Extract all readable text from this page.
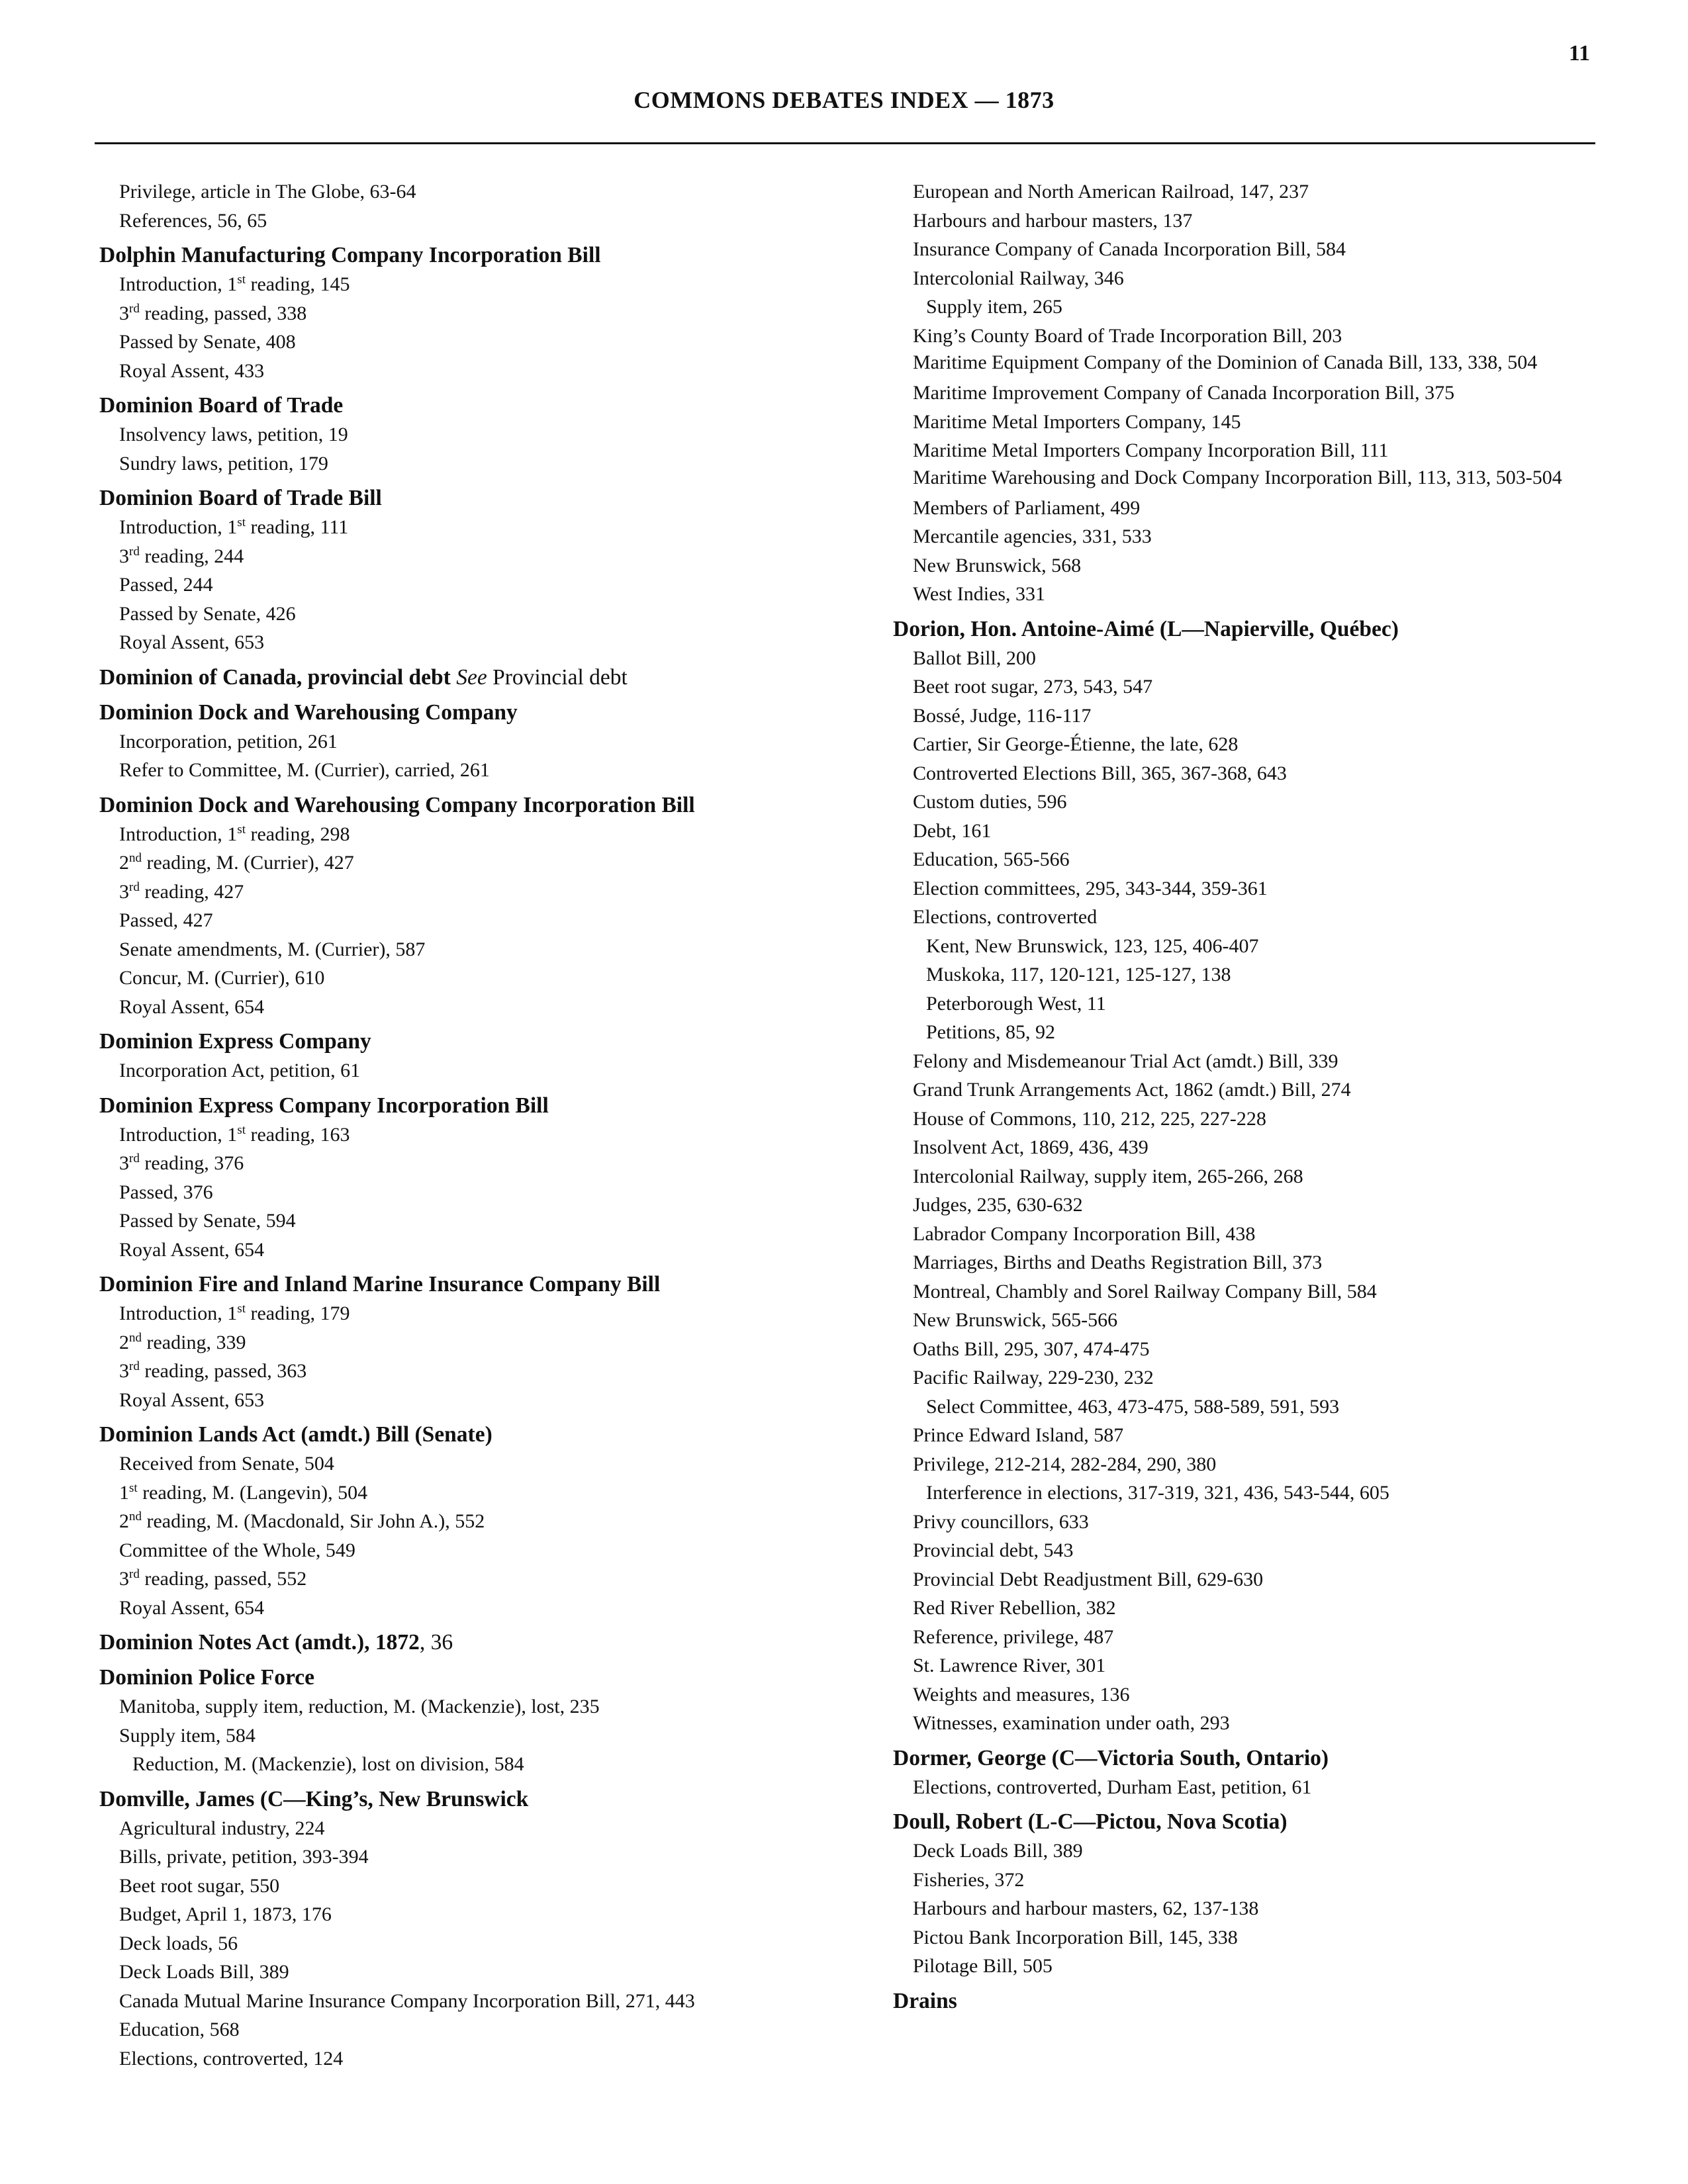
11
COMMONS DEBATES INDEX — 1873
Privilege, article in The Globe, 63-64
References, 56, 65
Dolphin Manufacturing Company Incorporation Bill
Introduction, 1st reading, 145
3rd reading, passed, 338
Passed by Senate, 408
Royal Assent, 433
Dominion Board of Trade
Insolvency laws, petition, 19
Sundry laws, petition, 179
Dominion Board of Trade Bill
Introduction, 1st reading, 111
3rd reading, 244
Passed, 244
Passed by Senate, 426
Royal Assent, 653
Dominion of Canada, provincial debt See Provincial debt
Dominion Dock and Warehousing Company
Incorporation, petition, 261
Refer to Committee, M. (Currier), carried, 261
Dominion Dock and Warehousing Company Incorporation Bill
Introduction, 1st reading, 298
2nd reading, M. (Currier), 427
3rd reading, 427
Passed, 427
Senate amendments, M. (Currier), 587
Concur, M. (Currier), 610
Royal Assent, 654
Dominion Express Company
Incorporation Act, petition, 61
Dominion Express Company Incorporation Bill
Introduction, 1st reading, 163
3rd reading, 376
Passed, 376
Passed by Senate, 594
Royal Assent, 654
Dominion Fire and Inland Marine Insurance Company Bill
Introduction, 1st reading, 179
2nd reading, 339
3rd reading, passed, 363
Royal Assent, 653
Dominion Lands Act (amdt.) Bill (Senate)
Received from Senate, 504
1st reading, M. (Langevin), 504
2nd reading, M. (Macdonald, Sir John A.), 552
Committee of the Whole, 549
3rd reading, passed, 552
Royal Assent, 654
Dominion Notes Act (amdt.), 1872, 36
Dominion Police Force
Manitoba, supply item, reduction, M. (Mackenzie), lost, 235
Supply item, 584
Reduction, M. (Mackenzie), lost on division, 584
Domville, James (C—King’s, New Brunswick
Agricultural industry, 224
Bills, private, petition, 393-394
Beet root sugar, 550
Budget, April 1, 1873, 176
Deck loads, 56
Deck Loads Bill, 389
Canada Mutual Marine Insurance Company Incorporation Bill, 271, 443
Education, 568
Elections, controverted, 124
European and North American Railroad, 147, 237
Harbours and harbour masters, 137
Insurance Company of Canada Incorporation Bill, 584
Intercolonial Railway, 346
Supply item, 265
King’s County Board of Trade Incorporation Bill, 203
Maritime Equipment Company of the Dominion of Canada Bill, 133, 338, 504
Maritime Improvement Company of Canada Incorporation Bill, 375
Maritime Metal Importers Company, 145
Maritime Metal Importers Company Incorporation Bill, 111
Maritime Warehousing and Dock Company Incorporation Bill, 113, 313, 503-504
Members of Parliament, 499
Mercantile agencies, 331, 533
New Brunswick, 568
West Indies, 331
Dorion, Hon. Antoine-Aimé (L—Napierville, Québec)
Ballot Bill, 200
Beet root sugar, 273, 543, 547
Bossé, Judge, 116-117
Cartier, Sir George-Étienne, the late, 628
Controverted Elections Bill, 365, 367-368, 643
Custom duties, 596
Debt, 161
Education, 565-566
Election committees, 295, 343-344, 359-361
Elections, controverted
Kent, New Brunswick, 123, 125, 406-407
Muskoka, 117, 120-121, 125-127, 138
Peterborough West, 11
Petitions, 85, 92
Felony and Misdemeanour Trial Act (amdt.) Bill, 339
Grand Trunk Arrangements Act, 1862 (amdt.) Bill, 274
House of Commons, 110, 212, 225, 227-228
Insolvent Act, 1869, 436, 439
Intercolonial Railway, supply item, 265-266, 268
Judges, 235, 630-632
Labrador Company Incorporation Bill, 438
Marriages, Births and Deaths Registration Bill, 373
Montreal, Chambly and Sorel Railway Company Bill, 584
New Brunswick, 565-566
Oaths Bill, 295, 307, 474-475
Pacific Railway, 229-230, 232
Select Committee, 463, 473-475, 588-589, 591, 593
Prince Edward Island, 587
Privilege, 212-214, 282-284, 290, 380
Interference in elections, 317-319, 321, 436, 543-544, 605
Privy councillors, 633
Provincial debt, 543
Provincial Debt Readjustment Bill, 629-630
Red River Rebellion, 382
Reference, privilege, 487
St. Lawrence River, 301
Weights and measures, 136
Witnesses, examination under oath, 293
Dormer, George (C—Victoria South, Ontario)
Elections, controverted, Durham East, petition, 61
Doull, Robert (L-C—Pictou, Nova Scotia)
Deck Loads Bill, 389
Fisheries, 372
Harbours and harbour masters, 62, 137-138
Pictou Bank Incorporation Bill, 145, 338
Pilotage Bill, 505
Drains
